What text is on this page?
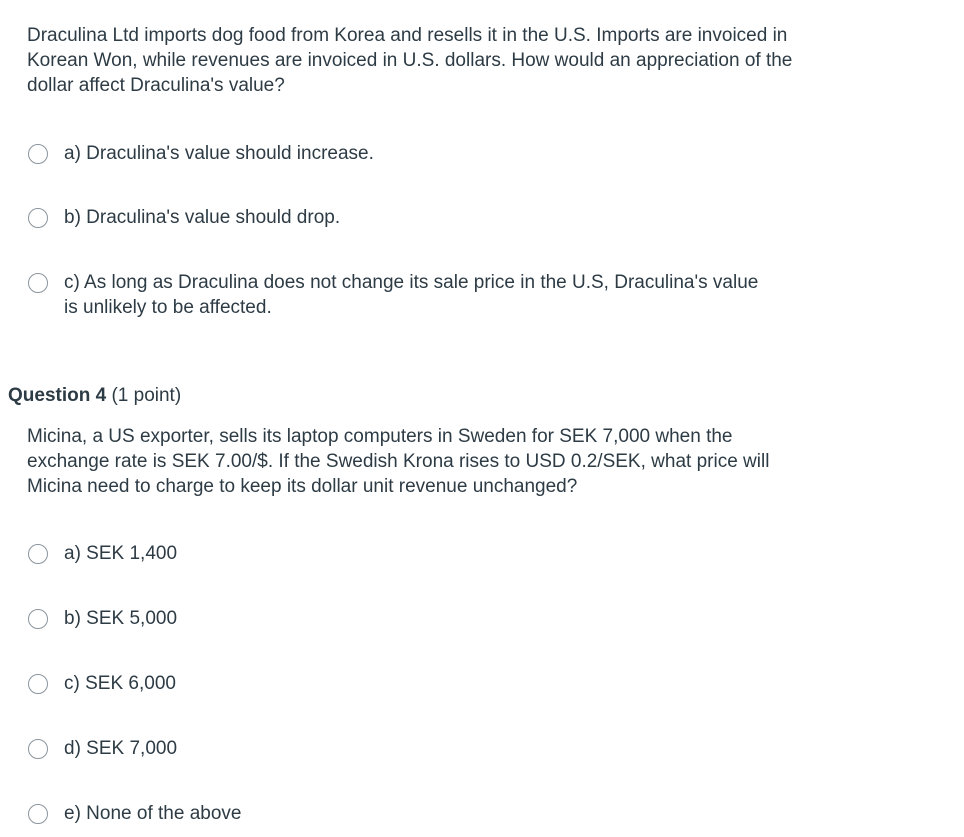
Draculina Ltd imports dog food from Korea and resells it in the U.S. Imports are invoiced in Korean Won, while revenues are invoiced in U.S. dollars. How would an appreciation of the dollar affect Draculina's value?

a) Draculina's value should increase.
b) Draculina's value should drop.
c) As long as Draculina does not change its sale price in the U.S, Draculina's value is unlikely to be affected.
Question 4 (1 point)

Micina, a US exporter, sells its laptop computers in Sweden for SEK 7,000 when the exchange rate is SEK 7.00/$. If the Swedish Krona rises to USD 0.2/SEK, what price will Micina need to charge to keep its dollar unit revenue unchanged?

a) SEK 1,400
b) SEK 5,000
c) SEK 6,000
d) SEK 7,000
e) None of the above
